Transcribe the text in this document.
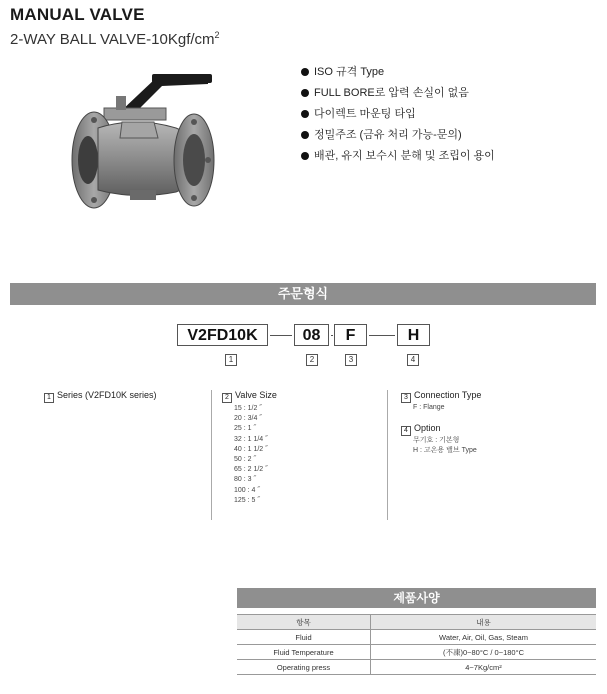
MANUAL VALVE
2-WAY BALL VALVE-$10Kgf/cm^2$
ISO 규격 Type
FULL BORE로 압력 손실이 없음
다이렉트 마운팅 타입
정밀주조 (금유 처리 가능-문의)
배관, 유지 보수시 분해 및 조립이 용이
주문형식
V2FD10K	08	F	H
1	2	3	4
1 Series (V2FD10K series)	2 Valve Size
15 : 1/2 ˝
20 : 3/4 ˝
25 : 1 ˝
32 : 1 1/4 ˝
40 : 1 1/2 ˝
50 : 2 ˝
65 : 2 1/2 ˝
80 : 3 ˝
100 : 4 ˝
125 : 5 ˝
3 Connection Type
F : Flange
4 Option
무기호 : 기본형
H : 고온용 밸브 Type
제품사양
항목	내용
Fluid	Water, Air, Oil, Gas, Steam
Fluid Temperature	(不凍)0~80°C / 0~180°C
Operating press	4~7Kg/cm²
